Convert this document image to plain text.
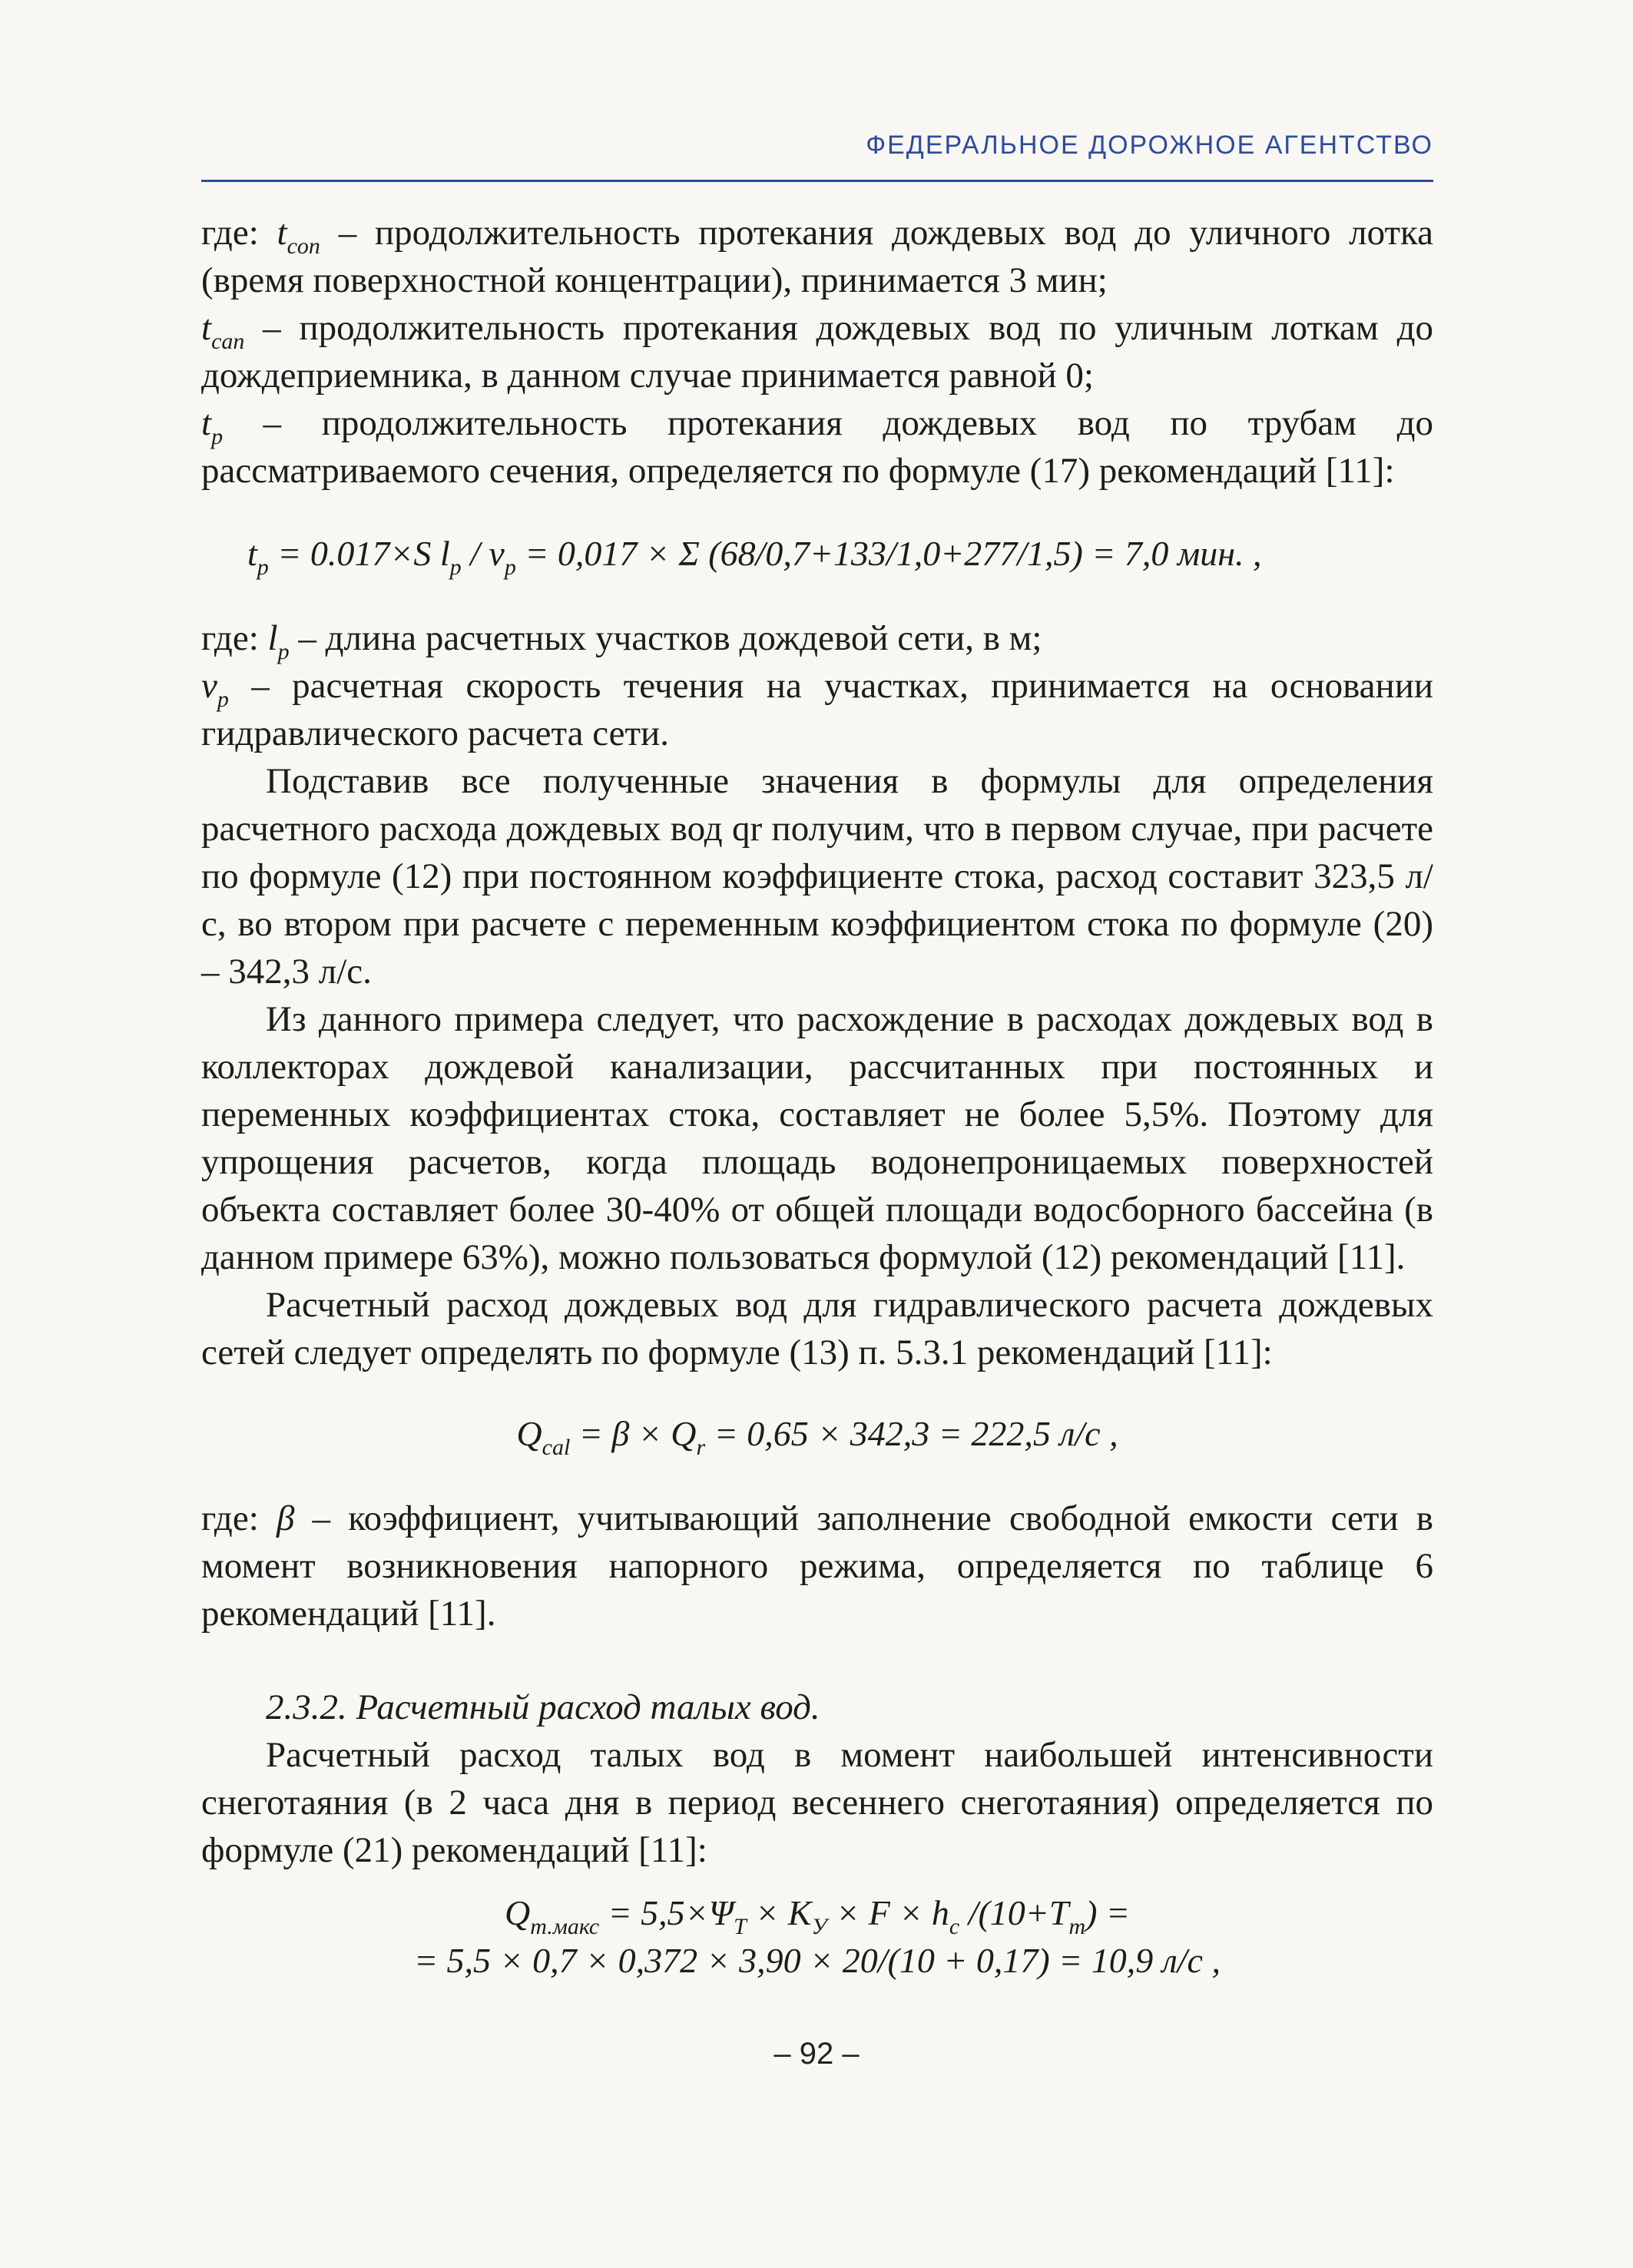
ФЕДЕРАЛЬНОЕ ДОРОЖНОЕ АГЕНТСТВО

где: $t_{con}$ – продолжительность протекания дождевых вод до уличного лотка (время поверхностной концентрации), принимается 3 мин;

$t_{can}$ – продолжительность протекания дождевых вод по уличным лоткам до дождеприемника, в данном случае принимается равной 0;

$t_p$ – продолжительность протекания дождевых вод по трубам до рассматриваемого сечения, определяется по формуле (17) рекомендаций [11]:

$t_p = 0.017\times S$ $l_p / v_p = 0,017 \times \Sigma$ (68/0,7+133/1,0+277/1,5) = 7,0 мин. ,

где: $l_p$ – длина расчетных участков дождевой сети, в м;

$v_p$ – расчетная скорость течения на участках, принимается на основании гидравлического расчета сети.

Подставив все полученные значения в формулы для определения расчетного расхода дождевых вод qr получим, что в первом случае, при расчете по формуле (12) при постоянном коэффициенте стока, расход составит 323,5 л/с, во втором при расчете с переменным коэффициентом стока по формуле (20) – 342,3 л/с.

Из данного примера следует, что расхождение в расходах дождевых вод в коллекторах дождевой канализации, рассчитанных при постоянных и переменных коэффициентах стока, составляет не более 5,5%. Поэтому для упрощения расчетов, когда площадь водонепроницаемых поверхностей объекта составляет более 30-40% от общей площади водосборного бассейна (в данном примере 63%), можно пользоваться формулой (12) рекомендаций [11].

Расчетный расход дождевых вод для гидравлического расчета дождевых сетей следует определять по формуле (13) п. 5.3.1 рекомендаций [11]:

$Q_{cal} = \beta \times Q_r = 0,65 \times 342,3 = 222,5$ л/с ,

где: β – коэффициент, учитывающий заполнение свободной емкости сети в момент возникновения напорного режима, определяется по таблице 6 рекомендаций [11].

2.3.2. Расчетный расход талых вод.

Расчетный расход талых вод в момент наибольшей интенсивности снеготаяния (в 2 часа дня в период весеннего снеготаяния) определяется по формуле (21) рекомендаций [11]:

$Q_{т.макс} = 5,5\times\Psi_T \times K_У \times F \times h_c$ $/(10+T_m)$ =
= 5,5 × 0,7 × 0,372 × 3,90 × 20/(10 + 0,17) = 10,9 л/с ,
– 92 –
